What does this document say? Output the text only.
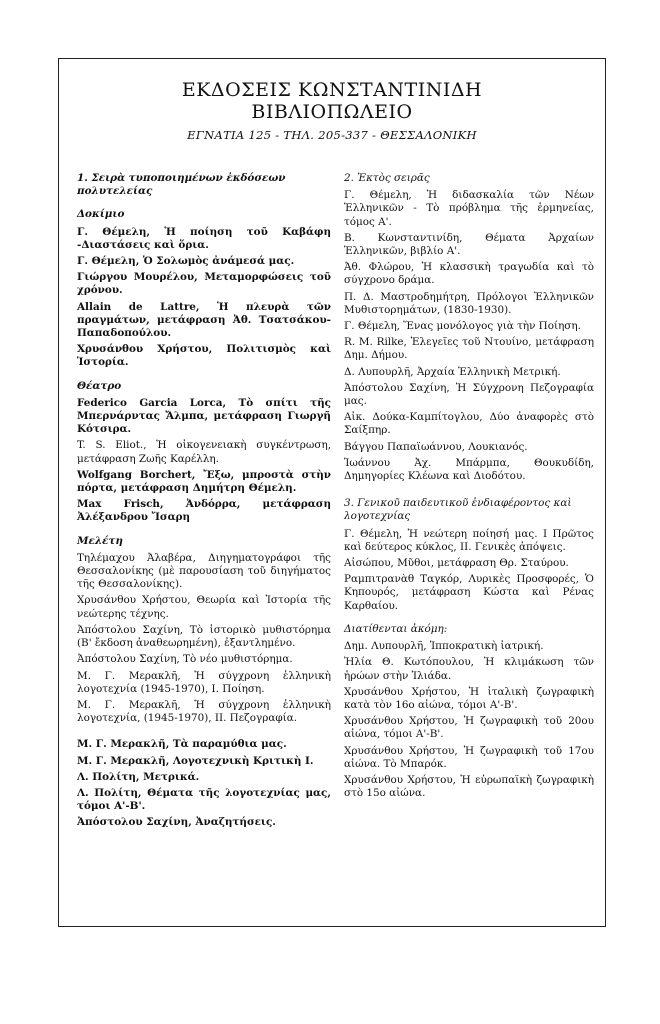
ΕΚΔΟΣΕΙΣ ΚΩΝΣΤΑΝΤΙΝΙΔΗ
ΒΙΒΛΙΟΠΩΛΕΙΟ
ΕΓΝΑΤΙΑ 125 - ΤΗΛ. 205-337 - ΘΕΣΣΑΛΟΝΙΚΗ
1. Σειρὰ τυποποιημένων ἐκδόσεων πολυτελείας
Δοκίμιο
Γ. Θέμελη, Ἡ ποίηση τοῦ Καβάφη -Διαστάσεις καὶ ὅρια.
Γ. Θέμελη, Ὁ Σολωμὸς ἀνάμεσά μας.
Γιώργου Μουρέλου, Μεταμορφώσεις τοῦ χρόνου.
Allain de Lattre, Ἡ πλευρὰ τῶν πραγμάτων, μετάφραση Ἀθ. Τσατσάκου-Παπαδοπούλου.
Χρυσάνθου Χρήστου, Πολιτισμὸς καὶ Ἱστορία.
Θέατρο
Federico Garcia Lorca, Τὸ σπίτι τῆς Μπερνάρντας Ἄλμπα, μετάφραση Γιωργῆ Κότσιρα.
T. S. Eliot., Ἡ οἰκογενειακὴ συγκέντρωση, μετάφραση Ζωῆς Καρέλλη.
Wolfgang Borchert, Ἔξω, μπροστὰ στὴν πόρτα, μετάφραση Δημήτρη Θέμελη.
Max Frisch, Ἀνδόρρα, μετάφραση Ἀλέξανδρου Ἴσαρη
Μελέτη
Τηλέμαχου Ἀλαβέρα, Διηγηματογράφοι τῆς Θεσσαλονίκης (μὲ παρουσίαση τοῦ διηγήματος τῆς Θεσσαλονίκης).
Χρυσάνθου Χρήστου, Θεωρία καὶ Ἱστορία τῆς νεώτερης τέχνης.
Ἀπόστολου Σαχίνη, Τὸ ἱστορικὸ μυθιστόρημα (Β' ἔκδοση ἀναθεωρημένη), ἐξαντλημένο.
Ἀπόστολου Σαχίνη, Τὸ νέο μυθιστόρημα.
Μ. Γ. Μερακλῆ, Ἡ σύγχρονη ἑλληνικὴ λογοτεχνία (1945-1970), Ι. Ποίηση.
Μ. Γ. Μερακλῆ, Ἡ σύγχρονη ἑλληνικὴ λογοτεχνία, (1945-1970), ΙΙ. Πεζογραφία.
Μ. Γ. Μερακλῆ, Τὰ παραμύθια μας.
Μ. Γ. Μερακλῆ, Λογοτεχνικὴ Κριτικὴ Ι.
Λ. Πολίτη, Μετρικά.
Λ. Πολίτη, Θέματα τῆς λογοτεχνίας μας, τόμοι Α'-Β'.
Ἀπόστολου Σαχίνη, Ἀναζητήσεις.
2. Ἐκτὸς σειρᾶς
Γ. Θέμελη, Ἡ διδασκαλία τῶν Νέων Ἑλληνικῶν - Τὸ πρόβλημα τῆς ἑρμηνείας, τόμος Α'.
Β. Κωνσταντινίδη, Θέματα Ἀρχαίων Ἑλληνικῶν, βιβλίο Α'.
Ἀθ. Φλώρου, Ἡ κλασσικὴ τραγωδία καὶ τὸ σύγχρονο δράμα.
Π. Δ. Μαστροδημήτρη, Πρόλογοι Ἑλληνικῶν Μυθιστορημάτων, (1830-1930).
Γ. Θέμελη, Ἕνας μονόλογος γιὰ τὴν Ποίηση.
R. M. Rilke, Ἐλεγεῖες τοῦ Ντουίνο, μετάφραση Δημ. Δήμου.
Δ. Λυπουρλῆ, Ἀρχαία Ἑλληνικὴ Μετρική.
Ἀπόστολου Σαχίνη, Ἡ Σύγχρονη Πεζογραφία μας.
Αἰκ. Δούκα-Καμπίτογλου, Δύο ἀναφορὲς στὸ Σαίξπηρ.
Βάγγου Παπαϊωάννου, Λουκιανός.
Ἰωάννου Ἀχ. Μπάρμπα, Θουκυδίδη, Δημηγορίες Κλέωνα καὶ Διοδότου.
3. Γενικοῦ παιδευτικοῦ ἐνδιαφέροντος καὶ λογοτεχνίας
Γ. Θέμελη, Ἡ νεώτερη ποίησή μας. Ι Πρῶτος καὶ δεύτερος κύκλος, ΙΙ. Γενικὲς ἀπόψεις.
Αἰσώπου, Μῦθοι, μετάφραση Θρ. Σταύρου.
Ραμπιτρανὰθ Ταγκόρ, Λυρικὲς Προσφορές, Ὁ Κηπουρός, μετάφραση Κώστα καὶ Ρένας Καρθαίου.
Διατίθενται ἀκόμη:
Δημ. Λυπουρλῆ, Ἱπποκρατικὴ ἰατρική.
Ἠλία Θ. Κωτόπουλου, Ἡ κλιμάκωση τῶν ἡρώων στὴν Ἰλιάδα.
Χρυσάνθου Χρήστου, Ἡ ἰταλικὴ ζωγραφικὴ κατὰ τὸν 16ο αἰώνα, τόμοι Α'-Β'.
Χρυσάνθου Χρήστου, Ἡ ζωγραφικὴ τοῦ 20ου αἰώνα, τόμοι Α'-Β'.
Χρυσάνθου Χρήστου, Ἡ ζωγραφικὴ τοῦ 17ου αἰώνα. Τὸ Μπαρόκ.
Χρυσάνθου Χρήστου, Ἡ εὐρωπαϊκὴ ζωγραφικὴ στὸ 15ο αἰώνα.
